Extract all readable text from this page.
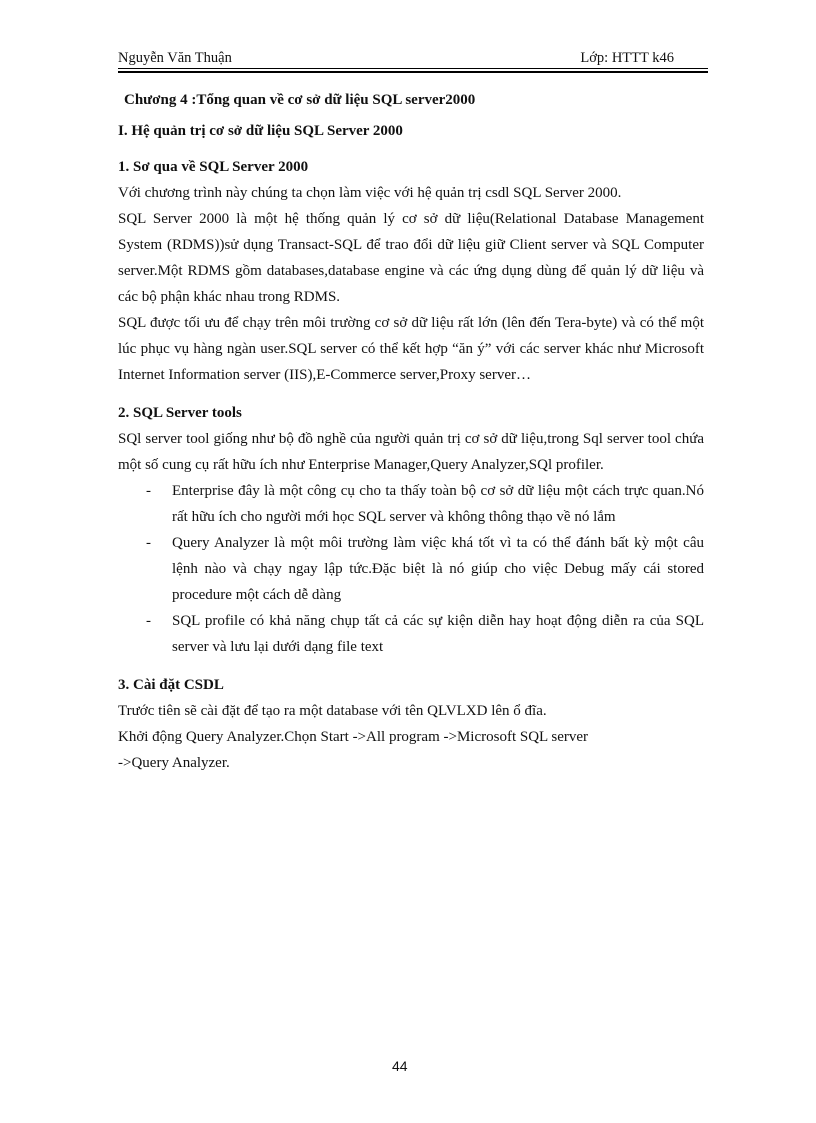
Nguyễn Văn Thuận	Lớp: HTTT k46

Chương 4 :Tổng quan về cơ sở dữ liệu SQL server2000

I. Hệ quản trị cơ sở dữ liệu SQL Server 2000

1. Sơ qua về SQL Server 2000

Với chương trình này chúng ta chọn làm việc với hệ quản trị csdl SQL Server 2000.

SQL Server 2000 là một hệ thống quản lý cơ sở dữ liệu(Relational Database Management System (RDMS))sử dụng Transact-SQL để trao đổi dữ liệu giữ Client server và SQL Computer server.Một RDMS gồm databases,database engine và các ứng dụng dùng để quản lý dữ liệu và các bộ phận khác nhau trong RDMS.

SQL được tối ưu để chạy trên môi trường cơ sở dữ liệu rất lớn (lên đến Tera-byte) và có thể một lúc phục vụ hàng ngàn user.SQL server có thể kết hợp “ăn ý” với các server khác như Microsoft Internet Information server (IIS),E-Commerce server,Proxy server…

2. SQL Server tools

SQl server tool giống như bộ đồ nghề của người quản trị cơ sở dữ liệu,trong Sql server tool chứa một số cung cụ rất hữu ích như Enterprise Manager,Query Analyzer,SQl profiler.

- Enterprise đây là một công cụ cho ta thấy toàn bộ cơ sở dữ liệu một cách trực quan.Nó rất hữu ích cho người mới học SQL server và không thông thạo về nó lắm
- Query Analyzer là một môi trường làm việc khá tốt vì ta có thể đánh bất kỳ một câu lệnh nào và chạy ngay lập tức.Đặc biệt là nó giúp cho việc Debug mấy cái stored procedure một cách dễ dàng
- SQL profile có khả năng chụp tất cả các sự kiện diễn hay hoạt động diễn ra của SQL server và lưu lại dưới dạng file text

3. Cài đặt CSDL

Trước tiên sẽ cài đặt để tạo ra một database với tên QLVLXD lên ổ đĩa.

Khởi động Query Analyzer.Chọn Start ->All program ->Microsoft SQL server

->Query Analyzer.

44
